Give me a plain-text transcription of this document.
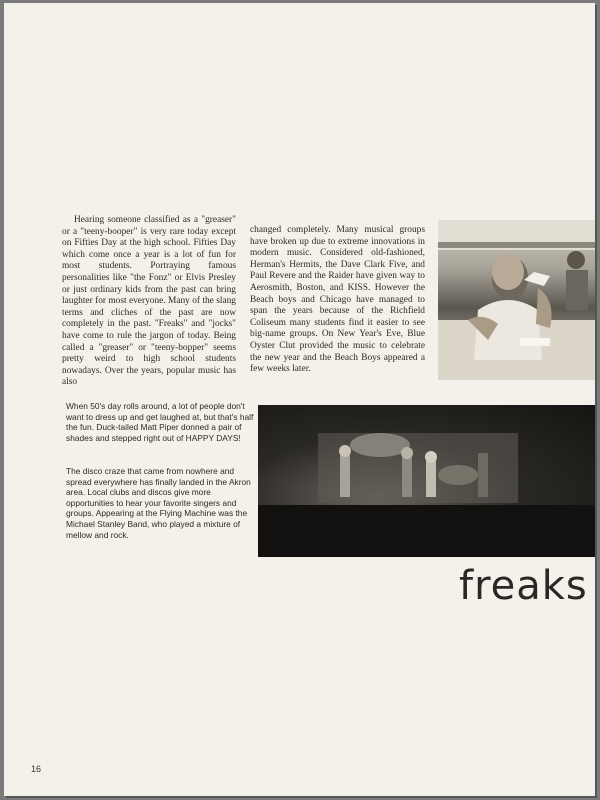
Hearing someone classified as a "greaser" or a "teeny-booper" is very rare today except on Fifties Day at the high school. Fifties Day which come once a year is a lot of fun for most students. Portraying famous personalities like "the Fonz" or Elvis Presley or just ordinary kids from the past can bring laughter for most everyone. Many of the slang terms and cliches of the past are now completely in the past. "Freaks" and "jocks" have come to rule the jargon of today. Being called a "greaser" or "teeny-bopper" seems pretty weird to high school students nowadays. Over the years, popular music has also

changed completely. Many musical groups have broken up due to extreme innovations in modern music. Considered old-fashioned, Herman's Hermits, the Dave Clark Five, and Paul Revere and the Raider have given way to Aerosmith, Boston, and KISS. However the Beach boys and Chicago have managed to span the years because of the Richfield Coliseum many students find it easier to see big-name groups. On New Year's Eve, Blue Oyster Clut provided the music to celebrate the new year and the Beach Boys appeared a few weeks later.

When 50's day rolls around, a lot of people don't want to dress up and get laughed at, but that's half the fun. Duck-tailed Matt Piper donned a pair of shades and stepped right out of HAPPY DAYS!
The disco craze that came from nowhere and spread everywhere has finally landed in the Akron area. Local clubs and discos give more opportunities to hear your favorite singers and groups. Appearing at the Flying Machine was the Michael Stanley Band, who played a mixture of mellow and rock.
freaks
16
